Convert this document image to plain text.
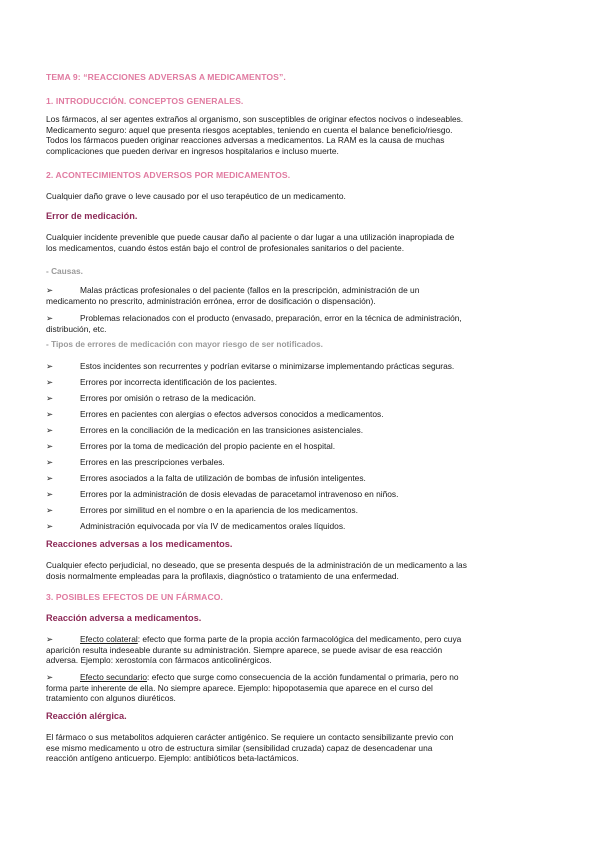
TEMA 9: “REACCIONES ADVERSAS A MEDICAMENTOS”.
1. INTRODUCCIÓN. CONCEPTOS GENERALES.
Los fármacos, al ser agentes extraños al organismo, son susceptibles de originar efectos nocivos o indeseables.
Medicamento seguro: aquel que presenta riesgos aceptables, teniendo en cuenta el balance beneficio/riesgo.
Todos los fármacos pueden originar reacciones adversas a medicamentos. La RAM es la causa de muchas
complicaciones que pueden derivar en ingresos hospitalarios e incluso muerte.
2. ACONTECIMIENTOS ADVERSOS POR MEDICAMENTOS.
Cualquier daño grave o leve causado por el uso terapéutico de un medicamento.
Error de medicación.
Cualquier incidente prevenible que puede causar daño al paciente o dar lugar a una utilización inapropiada de
los medicamentos, cuando éstos están bajo el control de profesionales sanitarios o del paciente.
- Causas.
➢	Malas prácticas profesionales o del paciente (fallos en la prescripción, administración de un
medicamento no prescrito, administración errónea, error de dosificación o dispensación).
➢	Problemas relacionados con el producto (envasado, preparación, error en la técnica de administración,
distribución, etc.
- Tipos de errores de medicación con mayor riesgo de ser notificados.
➢	Estos incidentes son recurrentes y podrían evitarse o minimizarse implementando prácticas seguras.
➢	Errores por incorrecta identificación de los pacientes.
➢	Errores por omisión o retraso de la medicación.
➢	Errores en pacientes con alergias o efectos adversos conocidos a medicamentos.
➢	Errores en la conciliación de la medicación en las transiciones asistenciales.
➢	Errores por la toma de medicación del propio paciente en el hospital.
➢	Errores en las prescripciones verbales.
➢	Errores asociados a la falta de utilización de bombas de infusión inteligentes.
➢	Errores por la administración de dosis elevadas de paracetamol intravenoso en niños.
➢	Errores por similitud en el nombre o en la apariencia de los medicamentos.
➢	Administración equivocada por vía IV de medicamentos orales líquidos.
Reacciones adversas a los medicamentos.
Cualquier efecto perjudicial, no deseado, que se presenta después de la administración de un medicamento a las
dosis normalmente empleadas para la profilaxis, diagnóstico o tratamiento de una enfermedad.
3. POSIBLES EFECTOS DE UN FÁRMACO.
Reacción adversa a medicamentos.
➢	Efecto colateral: efecto que forma parte de la propia acción farmacológica del medicamento, pero cuya
aparición resulta indeseable durante su administración. Siempre aparece, se puede avisar de esa reacción
adversa. Ejemplo: xerostomía con fármacos anticolinérgicos.
➢	Efecto secundario: efecto que surge como consecuencia de la acción fundamental o primaria, pero no
forma parte inherente de ella. No siempre aparece. Ejemplo: hipopotasemia que aparece en el curso del
tratamiento con algunos diuréticos.
Reacción alérgica.
El fármaco o sus metabolitos adquieren carácter antigénico. Se requiere un contacto sensibilizante previo con
ese mismo medicamento u otro de estructura similar (sensibilidad cruzada) capaz de desencadenar una
reacción antígeno anticuerpo. Ejemplo: antibióticos beta-lactámicos.
